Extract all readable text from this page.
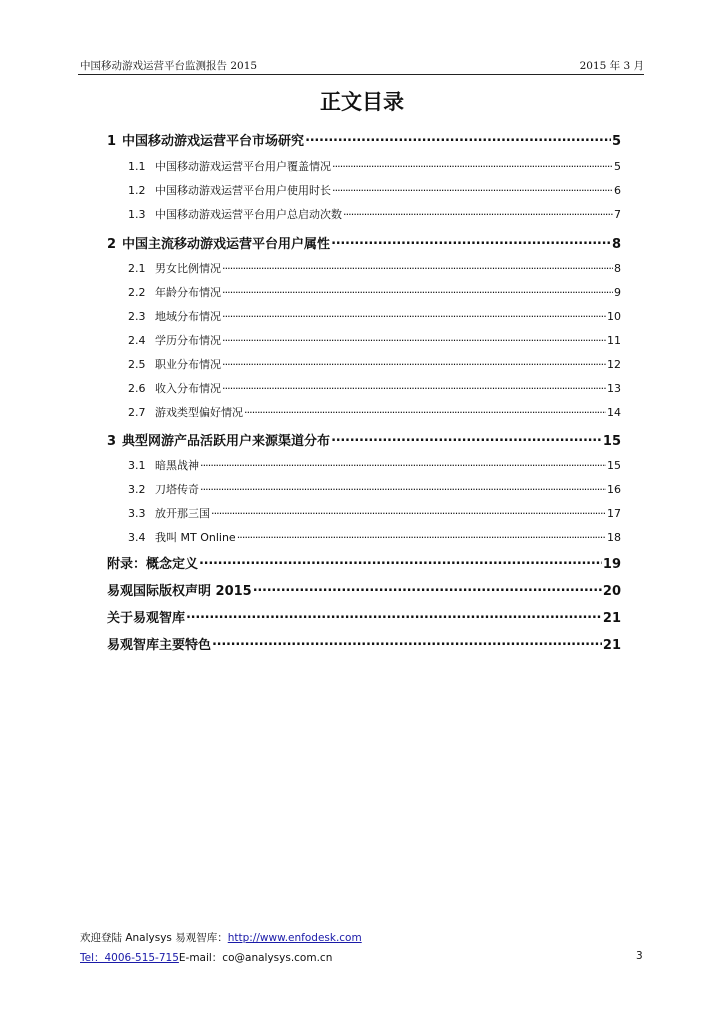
中国移动游戏运营平台监测报告 2015	2015 年 3 月
正文目录
1 中国移动游戏运营平台市场研究 . . .	5
1.1 中国移动游戏运营平台用户覆盖情况 . . .	5
1.2 中国移动游戏运营平台用户使用时长 . . .	6
1.3 中国移动游戏运营平台用户总启动次数 . . .	7
2 中国主流移动游戏运营平台用户属性 . . .	8
2.1 男女比例情况 . . .	8
2.2 年龄分布情况 . . .	9
2.3 地域分布情况 . . .	10
2.4 学历分布情况 . . .	11
2.5 职业分布情况 . . .	12
2.6 收入分布情况 . . .	13
2.7 游戏类型偏好情况 . . .	14
3 典型网游产品活跃用户来源渠道分布 . . .	15
3.1 暗黑战神 . . .	15
3.2 刀塔传奇 . . .	16
3.3 放开那三国 . . .	17
3.4 我叫 MT Online . . .	18
附录：概念定义 . . .	19
易观国际版权声明 2015 . . .	20
关于易观智库 . . .	21
易观智库主要特色 . . .	21
欢迎登陆 Analysys 易观智库：http://www.enfodesk.com
Tel：4006-515-715E-mail：co@analysys.com.cn	3
